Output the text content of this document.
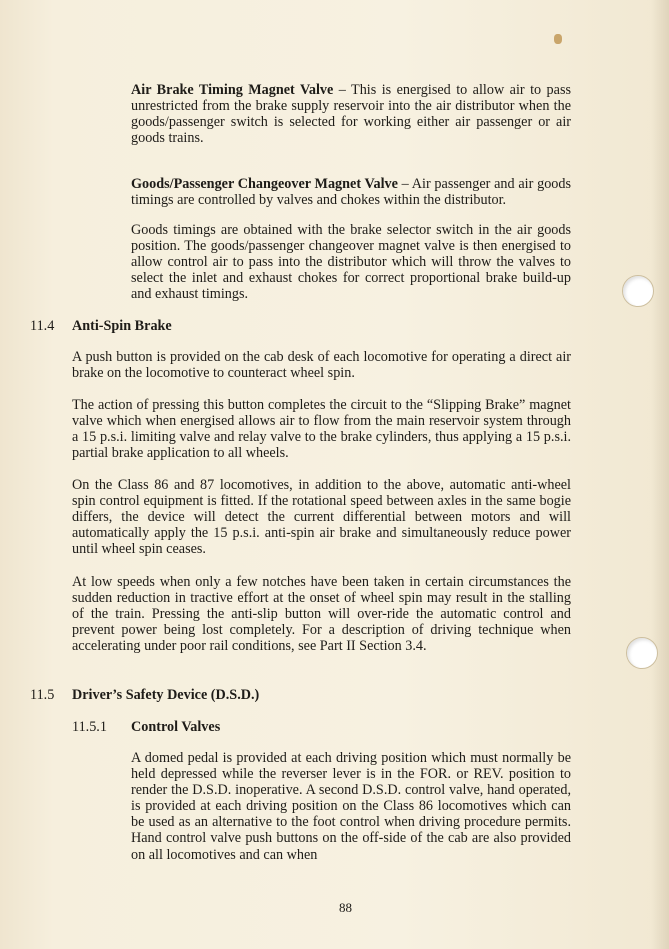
Air Brake Timing Magnet Valve – This is energised to allow air to pass unrestricted from the brake supply reservoir into the air distributor when the goods/passenger switch is selected for working either air passenger or air goods trains.

Goods/Passenger Changeover Magnet Valve – Air passenger and air goods timings are controlled by valves and chokes within the distributor.

Goods timings are obtained with the brake selector switch in the air goods position. The goods/passenger changeover magnet valve is then energised to allow control air to pass into the distributor which will throw the valves to select the inlet and exhaust chokes for correct proportional brake build-up and exhaust timings.

11.4 Anti-Spin Brake

A push button is provided on the cab desk of each locomotive for operating a direct air brake on the locomotive to counteract wheel spin.

The action of pressing this button completes the circuit to the “Slipping Brake” magnet valve which when energised allows air to flow from the main reservoir system through a 15 p.s.i. limiting valve and relay valve to the brake cylinders, thus applying a 15 p.s.i. partial brake application to all wheels.

On the Class 86 and 87 locomotives, in addition to the above, automatic anti-wheel spin control equipment is fitted. If the rotational speed between axles in the same bogie differs, the device will detect the current differential between motors and will automatically apply the 15 p.s.i. anti-spin air brake and simultaneously reduce power until wheel spin ceases.

At low speeds when only a few notches have been taken in certain circumstances the sudden reduction in tractive effort at the onset of wheel spin may result in the stalling of the train. Pressing the anti-slip button will over-ride the automatic control and prevent power being lost completely. For a description of driving technique when accelerating under poor rail conditions, see Part II Section 3.4.

11.5 Driver’s Safety Device (D.S.D.)
11.5.1 Control Valves

A domed pedal is provided at each driving position which must normally be held depressed while the reverser lever is in the FOR. or REV. position to render the D.S.D. inoperative. A second D.S.D. control valve, hand operated, is provided at each driving position on the Class 86 locomotives which can be used as an alternative to the foot control when driving procedure permits. Hand control valve push buttons on the off-side of the cab are also provided on all locomotives and can when

88
